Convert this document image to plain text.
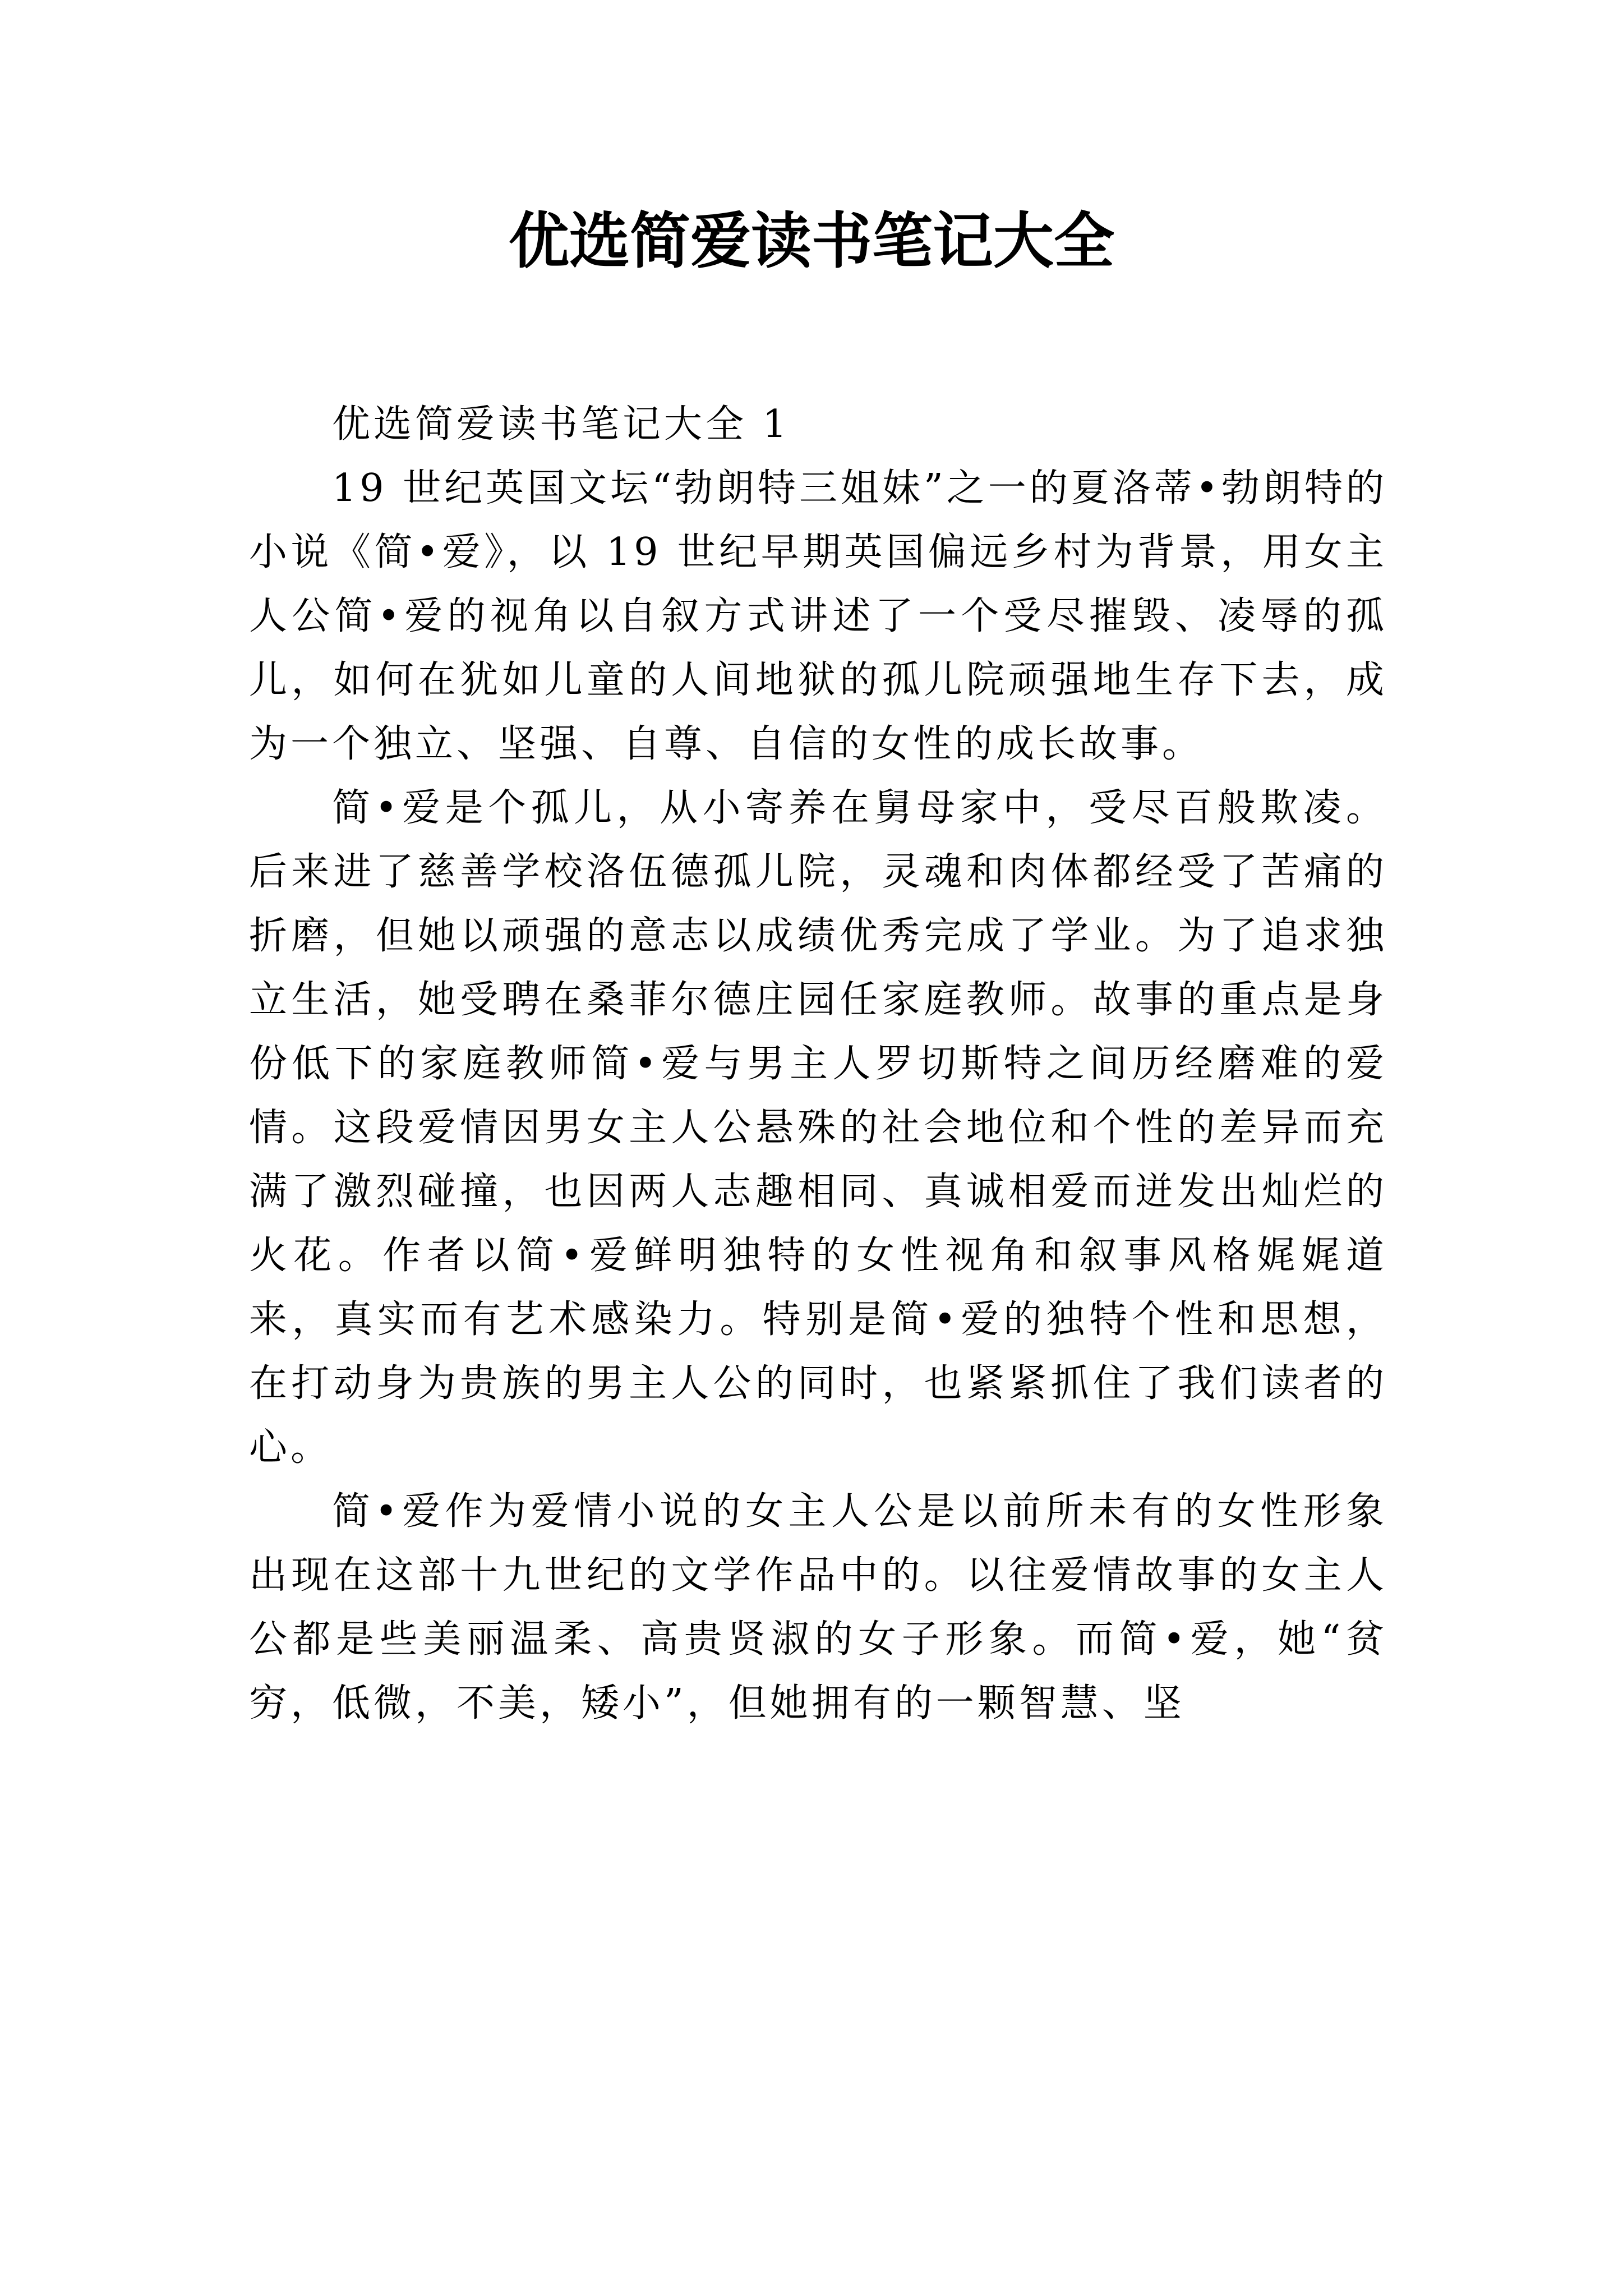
优选简爱读书笔记大全

优选简爱读书笔记大全 1

19 世纪英国文坛“勃朗特三姐妹”之一的夏洛蒂•勃朗特的小说《简•爱》，以 19 世纪早期英国偏远乡村为背景，用女主人公简•爱的视角以自叙方式讲述了一个受尽摧毁、凌辱的孤儿，如何在犹如儿童的人间地狱的孤儿院顽强地生存下去，成为一个独立、坚强、自尊、自信的女性的成长故事。

简•爱是个孤儿，从小寄养在舅母家中，受尽百般欺凌。后来进了慈善学校洛伍德孤儿院，灵魂和肉体都经受了苦痛的折磨，但她以顽强的意志以成绩优秀完成了学业。为了追求独立生活，她受聘在桑菲尔德庄园任家庭教师。故事的重点是身份低下的家庭教师简•爱与男主人罗切斯特之间历经磨难的爱情。这段爱情因男女主人公悬殊的社会地位和个性的差异而充满了激烈碰撞，也因两人志趣相同、真诚相爱而迸发出灿烂的火花。作者以简•爱鲜明独特的女性视角和叙事风格娓娓道来，真实而有艺术感染力。特别是简•爱的独特个性和思想，在打动身为贵族的男主人公的同时，也紧紧抓住了我们读者的心。

简•爱作为爱情小说的女主人公是以前所未有的女性形象出现在这部十九世纪的文学作品中的。以往爱情故事的女主人公都是些美丽温柔、高贵贤淑的女子形象。而简•爱，她“贫穷，低微，不美，矮小”，但她拥有的一颗智慧、坚
